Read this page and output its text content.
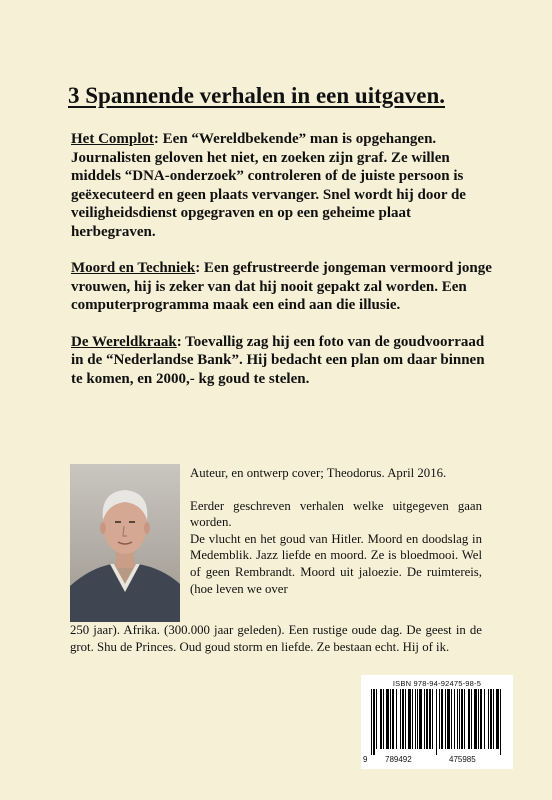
3 Spannende verhalen in een uitgaven.

Het Complot: Een “Wereldbekende” man is opgehangen. Journalisten geloven het niet, en zoeken zijn graf. Ze willen middels “DNA-onderzoek” controleren of de juiste persoon is geëxecuteerd en geen plaats vervanger. Snel wordt hij door de veiligheidsdienst opgegraven en op een geheime plaat herbegraven.

Moord en Techniek: Een gefrustreerde jongeman vermoord jonge vrouwen, hij is zeker van dat hij nooit gepakt zal worden. Een computerprogramma maak een eind aan die illusie.

De Wereldkraak: Toevallig zag hij een foto van de goudvoorraad in de “Nederlandse Bank”. Hij bedacht een plan om daar binnen te komen, en 2000,- kg goud te stelen.

Auteur, en ontwerp cover; Theodorus. April 2016.

Eerder geschreven verhalen welke uitgegeven gaan worden.

De vlucht en het goud van Hitler. Moord en doodslag in Medemblik. Jazz liefde en moord. Ze is bloedmooi. Wel of geen Rembrandt. Moord uit jaloezie. De ruimtereis, (hoe leven we over

250 jaar). Afrika. (300.000 jaar geleden). Een rustige oude dag. De geest in de grot. Shu de Princes. Oud goud storm en liefde. Ze bestaan echt. Hij of ik.
ISBN 978-94-92475-98-5
9 789492	475985
